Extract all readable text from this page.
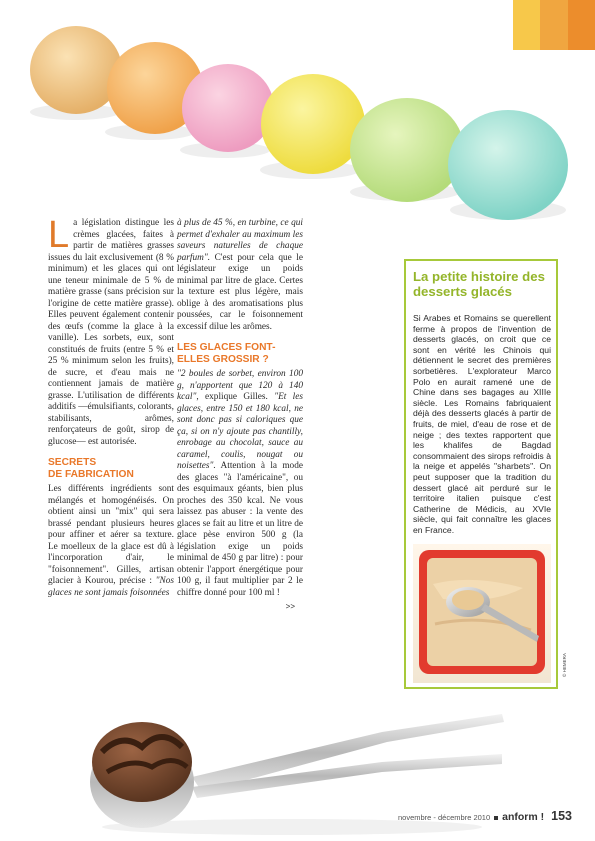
La législation distingue les crèmes glacées, faites à partir de matières grasses issues du lait exclusivement (8 % minimum) et les glaces qui ont une teneur minimale de 5 % de matière grasse (sans précision sur l'origine de cette matière grasse). Elles peuvent également contenir des œufs (comme la glace à la vanille). Les sorbets, eux, sont constitués de fruits (entre 5 % et 25 % minimum selon les fruits), de sucre, et d'eau mais ne contiennent jamais de matière grasse. L'utilisation de différents additifs —émulsifiants, colorants, stabilisants, arômes, renforçateurs de goût, sirop de glucose— est autorisée.

SECRETS
DE FABRICATION

Les différents ingrédients sont mélangés et homogénéisés. On obtient ainsi un "mix" qui sera brassé pendant plusieurs heures pour affiner et aérer sa texture. Le moelleux de la glace est dû à l'incorporation d'air, le "foisonnement". Gilles, artisan glacier à Kourou, précise : "Nos glaces ne sont jamais foisonnées

à plus de 45 %, en turbine, ce qui permet d'exhaler au maximum les saveurs naturelles de chaque parfum". C'est pour cela que le législateur exige un poids minimal par litre de glace. Certes la texture est plus légère, mais oblige à des aromatisations plus poussées, car le foisonnement excessif dilue les arômes.

LES GLACES FONT-
ELLES GROSSIR ?

"2 boules de sorbet, environ 100 g, n'apportent que 120 à 140 kcal", explique Gilles. "Et les glaces, entre 150 et 180 kcal, ne sont donc pas si caloriques que ça, si on n'y ajoute pas chantilly, enrobage au chocolat, sauce au caramel, coulis, nougat ou noisettes". Attention à la mode des glaces "à l'américaine", ou des esquimaux géants, bien plus proches des 350 kcal. Ne vous laissez pas abuser : la vente des glaces se fait au litre et un litre de glace pèse environ 500 g (la législation exige un poids minimal de 450 g par litre) : pour obtenir l'apport énergétique pour 100 g, il faut multiplier par 2 le chiffre donné pour 100 ml !

>>
La petite histoire des desserts glacés
Si Arabes et Romains se querellent ferme à propos de l'invention de desserts glacés, on croit que ce sont en vérité les Chinois qui détiennent le secret des premières sorbetières. L'explorateur Marco Polo en aurait ramené une de Chine dans ses bagages au XIIIe siècle. Les Romains fabriquaient déjà des desserts glacés à partir de fruits, de miel, d'eau de rose et de neige ; des textes rapportent que les khalifes de Bagdad consommaient des sirops refroidis à la neige et appelés "sharbets". On peut supposer que la tradition du dessert glacé ait perduré sur le territoire italien puisque c'est Catherine de Médicis, au XVIe siècle, qui fait connaître les glaces en France.
© HEMERA
novembre - décembre 2010 anform ! 153
